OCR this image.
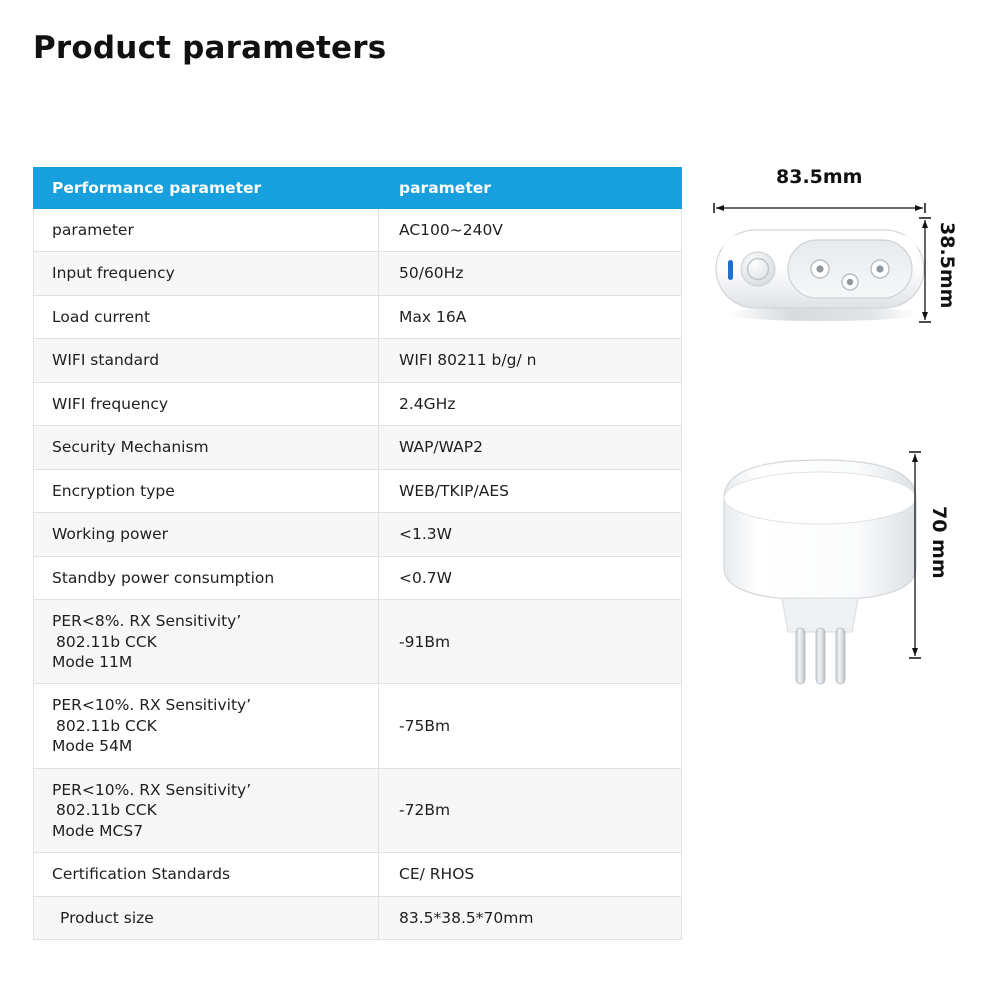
Product parameters
Performance parameter	parameter
parameter	AC100~240V
Input frequency	50/60Hz
Load current	Max 16A
WIFI standard	WIFI 80211 b/g/ n
WIFI frequency	2.4GHz
Security Mechanism	WAP/WAP2
Encryption type	WEB/TKIP/AES
Working power	<1.3W
Standby power consumption	<0.7W
PER<8%. RX Sensitivity’
802.11b CCK
Mode 11M	-91Bm
PER<10%. RX Sensitivity’
802.11b CCK
Mode 54M	-75Bm
PER<10%. RX Sensitivity’
802.11b CCK
Mode MCS7	-72Bm
Certification Standards	CE/ RHOS
Product size	83.5*38.5*70mm
83.5mm
38.5mm
70 mm
